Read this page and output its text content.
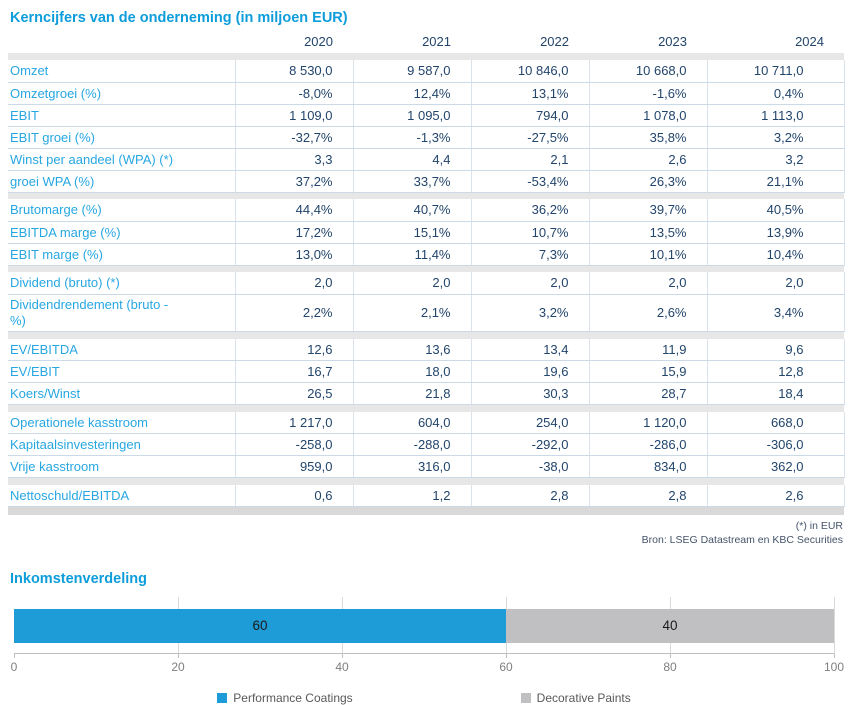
Kerncijfers van de onderneming (in miljoen EUR)
	2020	2021	2022	2023	2024

Omzet	8 530,0	9 587,0	10 846,0	10 668,0	10 711,0
Omzetgroei (%)	-8,0%	12,4%	13,1%	-1,6%	0,4%
EBIT	1 109,0	1 095,0	794,0	1 078,0	1 113,0
EBIT groei (%)	-32,7%	-1,3%	-27,5%	35,8%	3,2%
Winst per aandeel (WPA) (*)	3,3	4,4	2,1	2,6	3,2
groei WPA (%)	37,2%	33,7%	-53,4%	26,3%	21,1%

Brutomarge (%)	44,4%	40,7%	36,2%	39,7%	40,5%
EBITDA marge (%)	17,2%	15,1%	10,7%	13,5%	13,9%
EBIT marge (%)	13,0%	11,4%	7,3%	10,1%	10,4%

Dividend (bruto) (*)	2,0	2,0	2,0	2,0	2,0
Dividendrendement (bruto - %)	2,2%	2,1%	3,2%	2,6%	3,4%

EV/EBITDA	12,6	13,6	13,4	11,9	9,6
EV/EBIT	16,7	18,0	19,6	15,9	12,8
Koers/Winst	26,5	21,8	30,3	28,7	18,4

Operationele kasstroom	1 217,0	604,0	254,0	1 120,0	668,0
Kapitaalsinvesteringen	-258,0	-288,0	-292,0	-286,0	-306,0
Vrije kasstroom	959,0	316,0	-38,0	834,0	362,0

Nettoschuld/EBITDA	0,6	1,2	2,8	2,8	2,6

(*) in EUR
Bron: LSEG Datastream en KBC Securities
Inkomstenverdeling
60	40
0	20	40	60	80	100
Performance Coatings	Decorative Paints
